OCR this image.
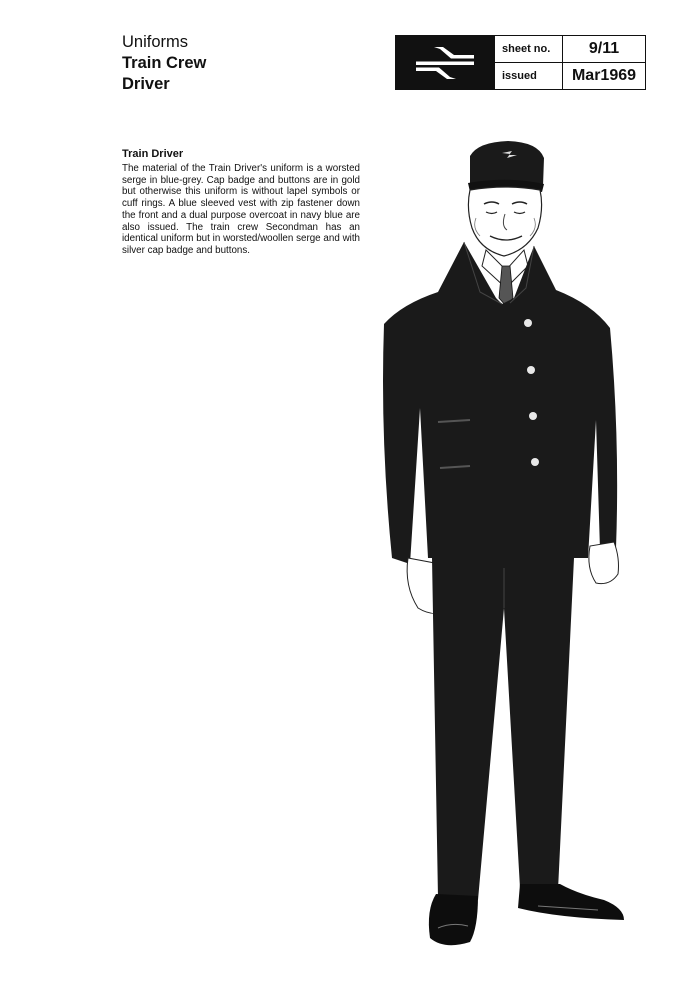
Uniforms

Train Crew

Driver

sheet no.	9/11
issued	Mar1969
Train Driver

The material of the Train Driver's uniform is a worsted serge in blue-grey. Cap badge and buttons are in gold but otherwise this uniform is without lapel symbols or cuff rings. A blue sleeved vest with zip fastener down the front and a dual purpose overcoat in navy blue are also issued. The train crew Secondman has an identical uniform but in worsted/woollen serge and with silver cap badge and buttons.
